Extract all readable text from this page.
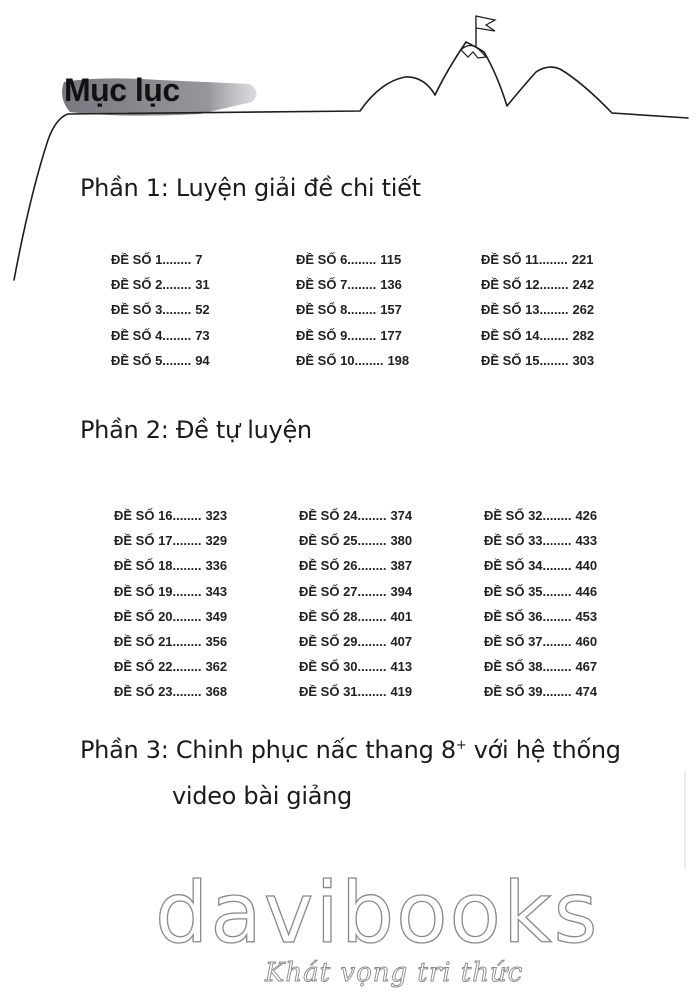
Mục lục
Phần 1: Luyện giải đề chi tiết
ĐỀ SỐ 1........ 7
ĐỀ SỐ 2........ 31
ĐỀ SỐ 3........ 52
ĐỀ SỐ 4........ 73
ĐỀ SỐ 5........ 94
ĐỀ SỐ 6........ 115
ĐỀ SỐ 7........ 136
ĐỀ SỐ 8........ 157
ĐỀ SỐ 9........ 177
ĐỀ SỐ 10........ 198
ĐỀ SỐ 11........ 221
ĐỀ SỐ 12........ 242
ĐỀ SỐ 13........ 262
ĐỀ SỐ 14........ 282
ĐỀ SỐ 15........ 303
Phần 2: Đề tự luyện
ĐỀ SỐ 16........ 323
ĐỀ SỐ 17........ 329
ĐỀ SỐ 18........ 336
ĐỀ SỐ 19........ 343
ĐỀ SỐ 20........ 349
ĐỀ SỐ 21........ 356
ĐỀ SỐ 22........ 362
ĐỀ SỐ 23........ 368
ĐỀ SỐ 24........ 374
ĐỀ SỐ 25........ 380
ĐỀ SỐ 26........ 387
ĐỀ SỐ 27........ 394
ĐỀ SỐ 28........ 401
ĐỀ SỐ 29........ 407
ĐỀ SỐ 30........ 413
ĐỀ SỐ 31........ 419
ĐỀ SỐ 32........ 426
ĐỀ SỐ 33........ 433
ĐỀ SỐ 34........ 440
ĐỀ SỐ 35........ 446
ĐỀ SỐ 36........ 453
ĐỀ SỐ 37........ 460
ĐỀ SỐ 38........ 467
ĐỀ SỐ 39........ 474
Phần 3: Chinh phục nấc thang 8+ với hệ thống
video bài giảng
davibooks
Khát vọng tri thức
